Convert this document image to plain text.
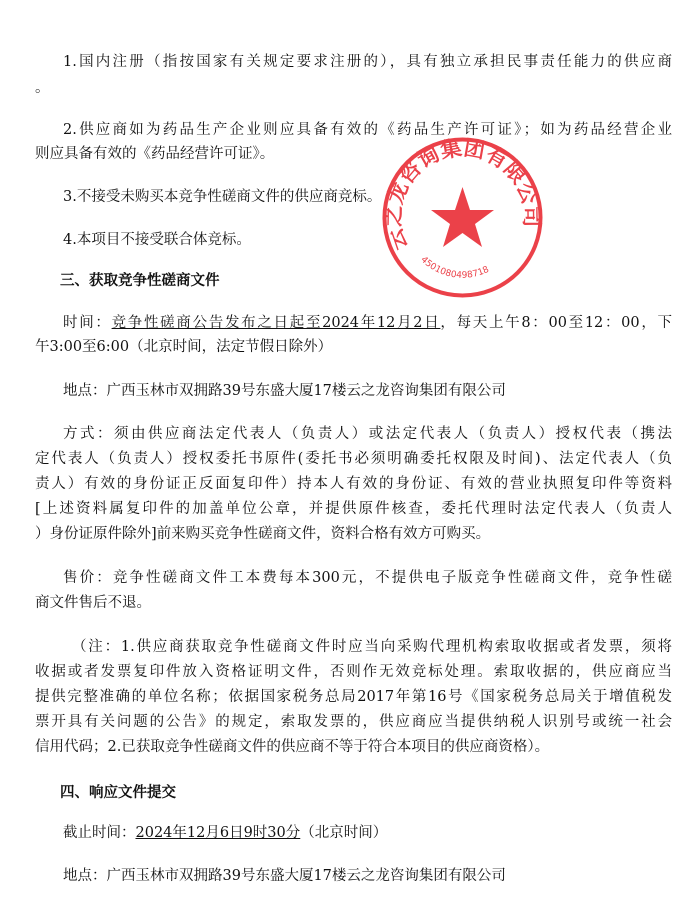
1.国内注册（指按国家有关规定要求注册的），具有独立承担民事责任能力的供应商
。
2.供应商如为药品生产企业则应具备有效的《药品生产许可证》；如为药品经营企业
则应具备有效的《药品经营许可证》。
3.不接受未购买本竞争性磋商文件的供应商竞标。
4.本项目不接受联合体竞标。
三、获取竞争性磋商文件
时间：竞争性磋商公告发布之日起至2024年12月2日，每天上午8：00至12：00，下
午3:00至6:00（北京时间，法定节假日除外）
地点：广西玉林市双拥路39号东盛大厦17楼云之龙咨询集团有限公司
方式：须由供应商法定代表人（负责人）或法定代表人（负责人）授权代表（携法
定代表人（负责人）授权委托书原件(委托书必须明确委托权限及时间)、法定代表人（负
责人）有效的身份证正反面复印件）持本人有效的身份证、有效的营业执照复印件等资料
[上述资料属复印件的加盖单位公章，并提供原件核查，委托代理时法定代表人（负责人
）身份证原件除外]前来购买竞争性磋商文件，资料合格有效方可购买。
售价：竞争性磋商文件工本费每本300元，不提供电子版竞争性磋商文件，竞争性磋
商文件售后不退。
（注：1.供应商获取竞争性磋商文件时应当向采购代理机构索取收据或者发票，须将
收据或者发票复印件放入资格证明文件，否则作无效竞标处理。索取收据的，供应商应当
提供完整准确的单位名称；依据国家税务总局2017年第16号《国家税务总局关于增值税发
票开具有关问题的公告》的规定，索取发票的，供应商应当提供纳税人识别号或统一社会
信用代码；2.已获取竞争性磋商文件的供应商不等于符合本项目的供应商资格）。
四、响应文件提交
截止时间：2024年12月6日9时30分（北京时间）
地点：广西玉林市双拥路39号东盛大厦17楼云之龙咨询集团有限公司
云之龙咨询集团有限公司
4501080498718
